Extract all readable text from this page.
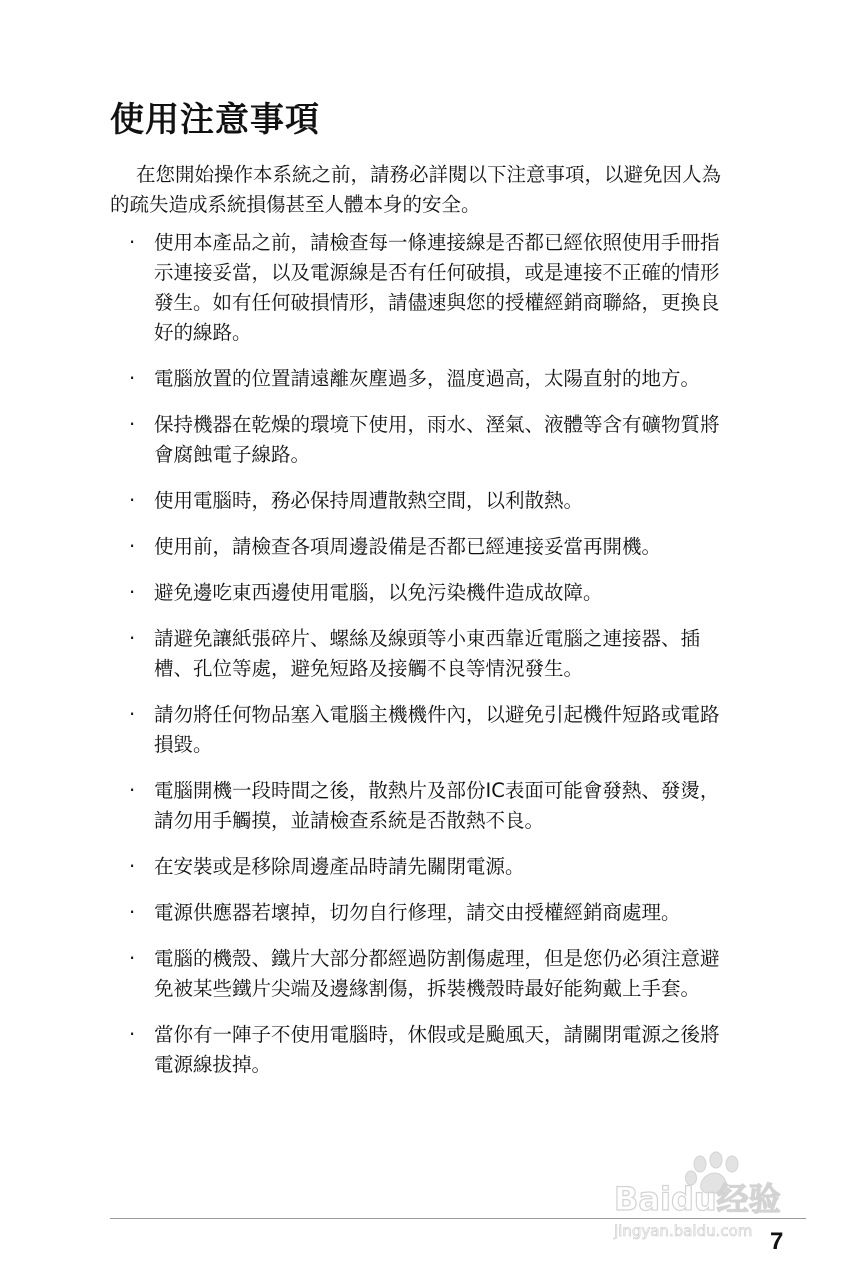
使用注意事項

在您開始操作本系統之前，請務必詳閱以下注意事項，以避免因人為的疏失造成系統損傷甚至人體本身的安全。

‧ 使用本產品之前，請檢查每一條連接線是否都已經依照使用手冊指示連接妥當，以及電源線是否有任何破損，或是連接不正確的情形發生。如有任何破損情形，請儘速與您的授權經銷商聯絡，更換良好的線路。
‧ 電腦放置的位置請遠離灰塵過多，溫度過高，太陽直射的地方。
‧ 保持機器在乾燥的環境下使用，雨水、溼氣、液體等含有礦物質將會腐蝕電子線路。
‧ 使用電腦時，務必保持周遭散熱空間，以利散熱。
‧ 使用前，請檢查各項周邊設備是否都已經連接妥當再開機。
‧ 避免邊吃東西邊使用電腦，以免污染機件造成故障。
‧ 請避免讓紙張碎片、螺絲及線頭等小東西靠近電腦之連接器、插槽、孔位等處，避免短路及接觸不良等情況發生。
‧ 請勿將任何物品塞入電腦主機機件內，以避免引起機件短路或電路損毀。
‧ 電腦開機一段時間之後，散熱片及部份IC表面可能會發熱、發燙，請勿用手觸摸，並請檢查系統是否散熱不良。
‧ 在安裝或是移除周邊產品時請先關閉電源。
‧ 電源供應器若壞掉，切勿自行修理，請交由授權經銷商處理。
‧ 電腦的機殼、鐵片大部分都經過防割傷處理，但是您仍必須注意避免被某些鐵片尖端及邊緣割傷，拆裝機殼時最好能夠戴上手套。
‧ 當你有一陣子不使用電腦時，休假或是颱風天，請關閉電源之後將電源線拔掉。
Baidu经验
jingyan.baidu.com 7
